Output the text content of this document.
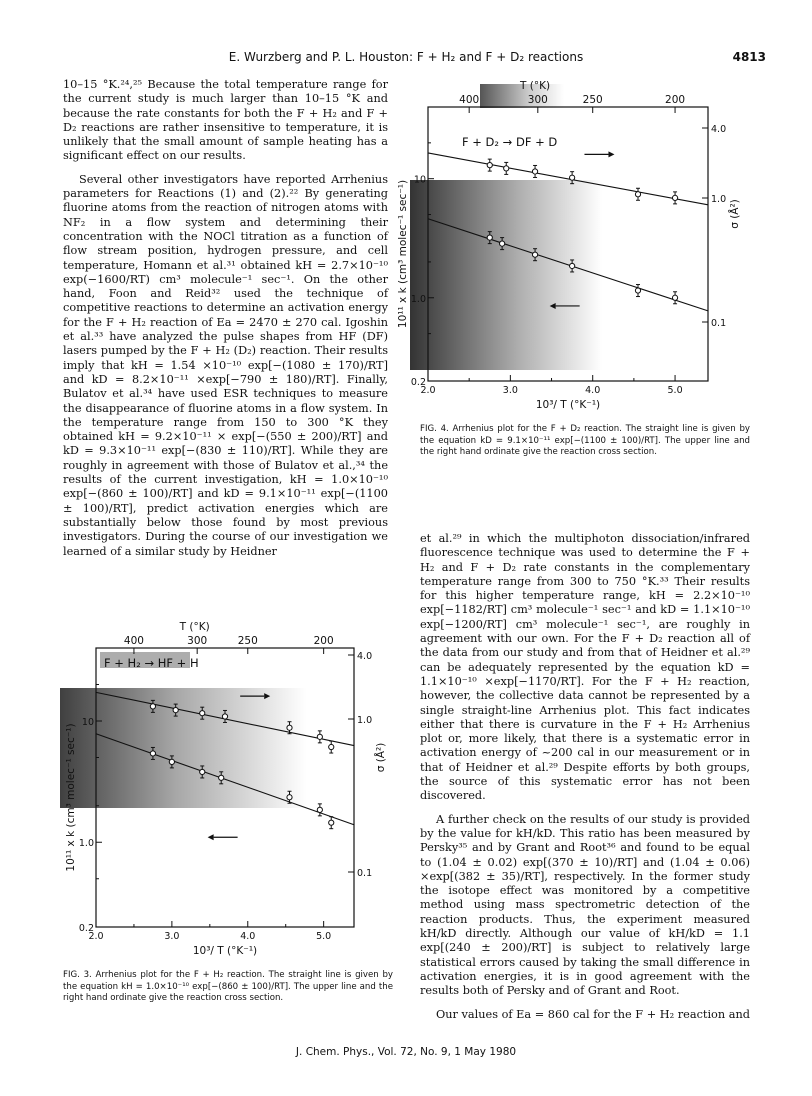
E. Wurzberg and P. L. Houston: F + H₂ and F + D₂ reactions	4813

10–15 °K.²⁴,²⁵ Because the total temperature range for the current study is much larger than 10–15 °K and because the rate constants for both the F + H₂ and F + D₂ reactions are rather insensitive to temperature, it is unlikely that the small amount of sample heating has a significant effect on our results.

Several other investigators have reported Arrhenius parameters for Reactions (1) and (2).²² By generating fluorine atoms from the reaction of nitrogen atoms with NF₂ in a flow system and determining their concentration with the NOCl titration as a function of flow stream position, hydrogen pressure, and cell temperature, Homann et al.³¹ obtained kH = 2.7×10⁻¹⁰ exp(−1600/RT) cm³ molecule⁻¹ sec⁻¹. On the other hand, Foon and Reid³² used the technique of competitive reactions to determine an activation energy for the F + H₂ reaction of Ea = 2470 ± 270 cal. Igoshin et al.³³ have analyzed the pulse shapes from HF (DF) lasers pumped by the F + H₂ (D₂) reaction. Their results imply that kH = 1.54 ×10⁻¹⁰ exp[−(1080 ± 170)/RT] and kD = 8.2×10⁻¹¹ ×exp[−790 ± 180)/RT]. Finally, Bulatov et al.³⁴ have used ESR techniques to measure the disappearance of fluorine atoms in a flow system. In the temperature range from 150 to 300 °K they obtained kH = 9.2×10⁻¹¹ × exp[−(550 ± 200)/RT] and kD = 9.3×10⁻¹¹ exp[−(830 ± 110)/RT]. While they are roughly in agreement with those of Bulatov et al.,³⁴ the results of the current investigation, kH = 1.0×10⁻¹⁰ exp[−(860 ± 100)/RT] and kD = 9.1×10⁻¹¹ exp[−(1100 ± 100)/RT], predict activation energies which are substantially below those found by most previous investigators. During the course of our investigation we learned of a similar study by Heidner

et al.²⁹ in which the multiphoton dissociation/infrared fluorescence technique was used to determine the F + H₂ and F + D₂ rate constants in the complementary temperature range from 300 to 750 °K.³³ Their results for this higher temperature range, kH = 2.2×10⁻¹⁰ exp[−1182/RT] cm³ molecule⁻¹ sec⁻¹ and kD = 1.1×10⁻¹⁰ exp[−1200/RT] cm³ molecule⁻¹ sec⁻¹, are roughly in agreement with our own. For the F + D₂ reaction all of the data from our study and from that of Heidner et al.²⁹ can be adequately represented by the equation kD = 1.1×10⁻¹⁰ ×exp[−1170/RT]. For the F + H₂ reaction, however, the collective data cannot be represented by a single straight-line Arrhenius plot. This fact indicates either that there is curvature in the F + H₂ Arrhenius plot or, more likely, that there is a systematic error in activation energy of ~200 cal in our measurement or in that of Heidner et al.²⁹ Despite efforts by both groups, the source of this systematic error has not been discovered.

A further check on the results of our study is provided by the value for kH/kD. This ratio has been measured by Persky³⁵ and by Grant and Root³⁶ and found to be equal to (1.04 ± 0.02) exp[(370 ± 10)/RT] and (1.04 ± 0.06) ×exp[(382 ± 35)/RT], respectively. In the former study the isotope effect was monitored by a competitive method using mass spectrometric detection of the reaction products. Thus, the experiment measured kH/kD directly. Although our value of kH/kD = 1.1 exp[(240 ± 200)/RT] is subject to relatively large statistical errors caused by taking the small difference in activation energies, it is in good agreement with the results both of Persky and of Grant and Root.

Our values of Ea = 860 cal for the F + H₂ reaction and

2.0	3.0	4.0	5.0
10³/ T (°K⁻¹)
400	300	250	200
T (°K)
10
1.0
0.2
10¹¹ x k (cm³ molec⁻¹ sec⁻¹)
4.0
1.0
0.1
σ (Å²)
F + D₂ → DF + D
FIG. 4. Arrhenius plot for the F + D₂ reaction. The straight line is given by the equation kD = 9.1×10⁻¹¹ exp[−(1100 ± 100)/RT]. The upper line and the right hand ordinate give the reaction cross section.
2.0	3.0	4.0	5.0
10³/ T (°K⁻¹)
400	300	250	200
T (°K)
10
1.0
0.2
10¹¹ x k (cm³ molec⁻¹ sec⁻¹)
4.0
1.0
0.1
σ (Å²)
F + H₂ → HF + H
FIG. 3. Arrhenius plot for the F + H₂ reaction. The straight line is given by the equation kH = 1.0×10⁻¹⁰ exp[−(860 ± 100)/RT]. The upper line and the right hand ordinate give the reaction cross section.
J. Chem. Phys., Vol. 72, No. 9, 1 May 1980
